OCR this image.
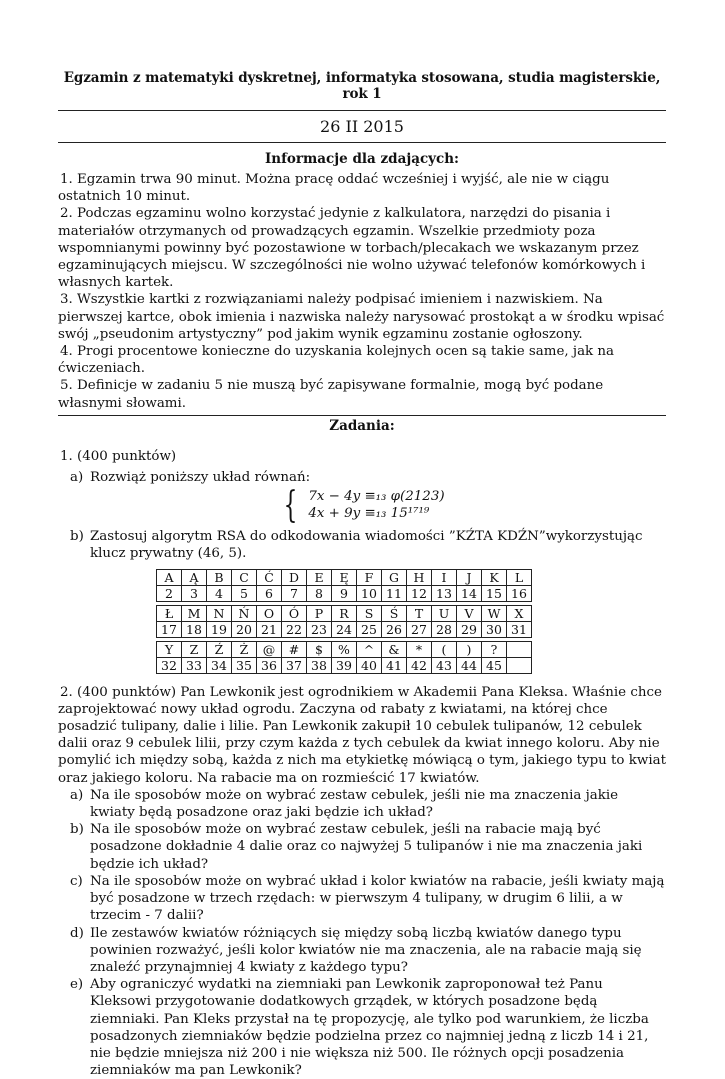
Egzamin z matematyki dyskretnej, informatyka stosowana, studia magisterskie, rok 1
26 II 2015
Informacje dla zdających:

1. Egzamin trwa 90 minut. Można pracę oddać wcześniej i wyjść, ale nie w ciągu ostatnich 10 minut.

2. Podczas egzaminu wolno korzystać jedynie z kalkulatora, narzędzi do pisania i materiałów otrzymanych od prowadzących egzamin. Wszelkie przedmioty poza wspomnianymi powinny być pozostawione w torbach/plecakach we wskazanym przez egzaminujących miejscu. W szczególności nie wolno używać telefonów komórkowych i własnych kartek.

3. Wszystkie kartki z rozwiązaniami należy podpisać imieniem i nazwiskiem. Na pierwszej kartce, obok imienia i nazwiska należy narysować prostokąt a w środku wpisać swój „pseudonim artystyczny” pod jakim wynik egzaminu zostanie ogłoszony.

4. Progi procentowe konieczne do uzyskania kolejnych ocen są takie same, jak na ćwiczeniach.

5. Definicje w zadaniu 5 nie muszą być zapisywane formalnie, mogą być podane własnymi słowami.

Zadania:
1. (400 punktów)
a) Rozwiąż poniższy układ równań:
{ 7x − 4y ≡₁₃ φ(2123)
4x + 9y ≡₁₃ 15¹⁷¹⁹
b) Zastosuj algorytm RSA do odkodowania wiadomości ”KŹTA KDŹN”wykorzystując klucz prywatny (46, 5).
A	Ą	B	C	Ć	D	E	Ę	F	G	H	I	J	K	L
2	3	4	5	6	7	8	9	10	11	12	13	14	15	16

Ł	M	N	Ń	O	Ó	P	R	S	Ś	T	U	V	W	X
17	18	19	20	21	22	23	24	25	26	27	28	29	30	31

Y	Z	Ź	Ż	@	#	$	%	^	&	*	(	)	?	
32	33	34	35	36	37	38	39	40	41	42	43	44	45	

2. (400 punktów) Pan Lewkonik jest ogrodnikiem w Akademii Pana Kleksa. Właśnie chce zaprojektować nowy układ ogrodu. Zaczyna od rabaty z kwiatami, na której chce posadzić tulipany, dalie i lilie. Pan Lewkonik zakupił 10 cebulek tulipanów, 12 cebulek dalii oraz 9 cebulek lilii, przy czym każda z tych cebulek da kwiat innego koloru. Aby nie pomylić ich między sobą, każda z nich ma etykietkę mówiącą o tym, jakiego typu to kwiat oraz jakiego koloru. Na rabacie ma on rozmieścić 17 kwiatów.

a) Na ile sposobów może on wybrać zestaw cebulek, jeśli nie ma znaczenia jakie kwiaty będą posadzone oraz jaki będzie ich układ?
b) Na ile sposobów może on wybrać zestaw cebulek, jeśli na rabacie mają być posadzone dokładnie 4 dalie oraz co najwyżej 5 tulipanów i nie ma znaczenia jaki będzie ich układ?
c) Na ile sposobów może on wybrać układ i kolor kwiatów na rabacie, jeśli kwiaty mają być posadzone w trzech rzędach: w pierwszym 4 tulipany, w drugim 6 lilii, a w trzecim - 7 dalii?
d) Ile zestawów kwiatów różniących się między sobą liczbą kwiatów danego typu powinien rozważyć, jeśli kolor kwiatów nie ma znaczenia, ale na rabacie mają się znaleźć przynajmniej 4 kwiaty z każdego typu?
e) Aby ograniczyć wydatki na ziemniaki pan Lewkonik zaproponował też Panu Kleksowi przygotowanie dodatkowych grządek, w których posadzone będą ziemniaki. Pan Kleks przystał na tę propozycję, ale tylko pod warunkiem, że liczba posadzonych ziemniaków będzie podzielna przez co najmniej jedną z liczb 14 i 21, nie będzie mniejsza niż 200 i nie większa niż 500. Ile różnych opcji posadzenia ziemniaków ma pan Lewkonik?
